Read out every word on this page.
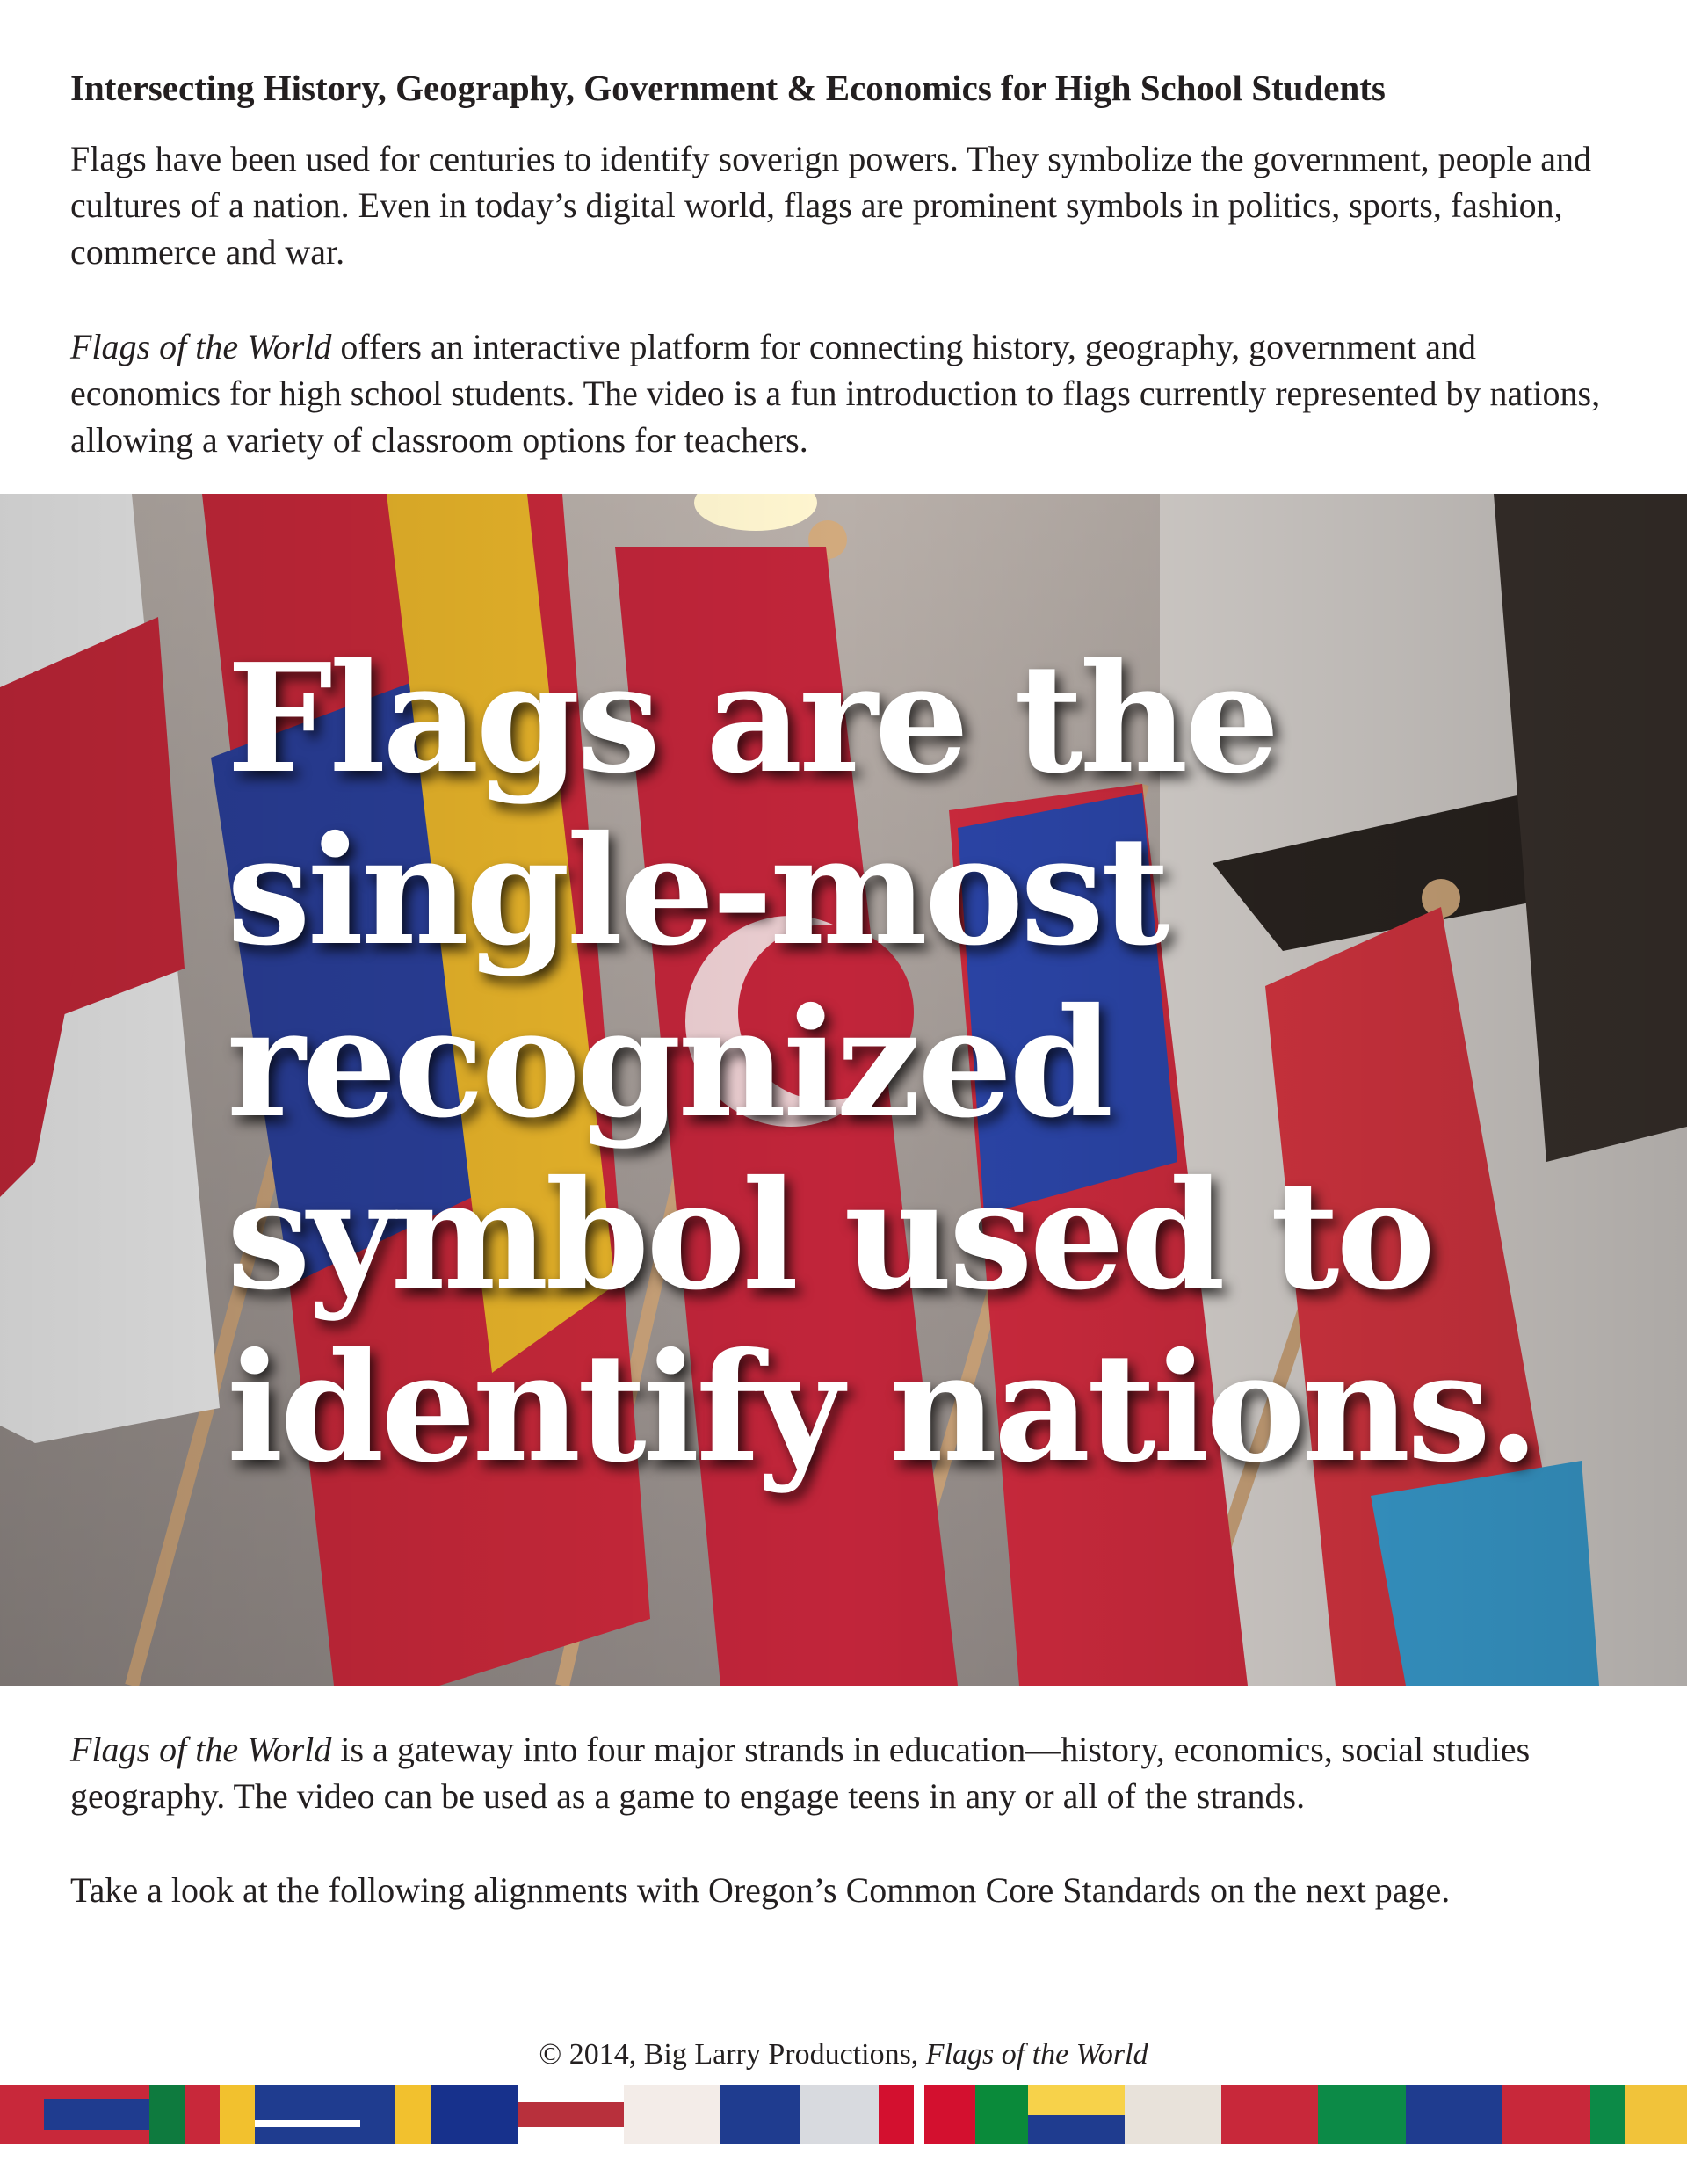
Intersecting History, Geography, Government & Economics for High School Students

Flags have been used for centuries to identify soverign powers. They symbolize the government, people and cultures of a nation. Even in today’s digital world, flags are prominent symbols in politics, sports, fashion, commerce and war.

Flags of the World offers an interactive platform for connecting history, geography, government and economics for high school students. The video is a fun introduction to flags currently represented by nations, allowing a variety of classroom options for teachers.

Flags are the
single-most
recognized
symbol used to
identify nations.

Flags of the World is a gateway into four major strands in education—history, economics, social studies geography. The video can be used as a game to engage teens in any or all of the strands.

Take a look at the following alignments with Oregon’s Common Core Standards on the next page.

© 2014, Big Larry Productions, Flags of the World
